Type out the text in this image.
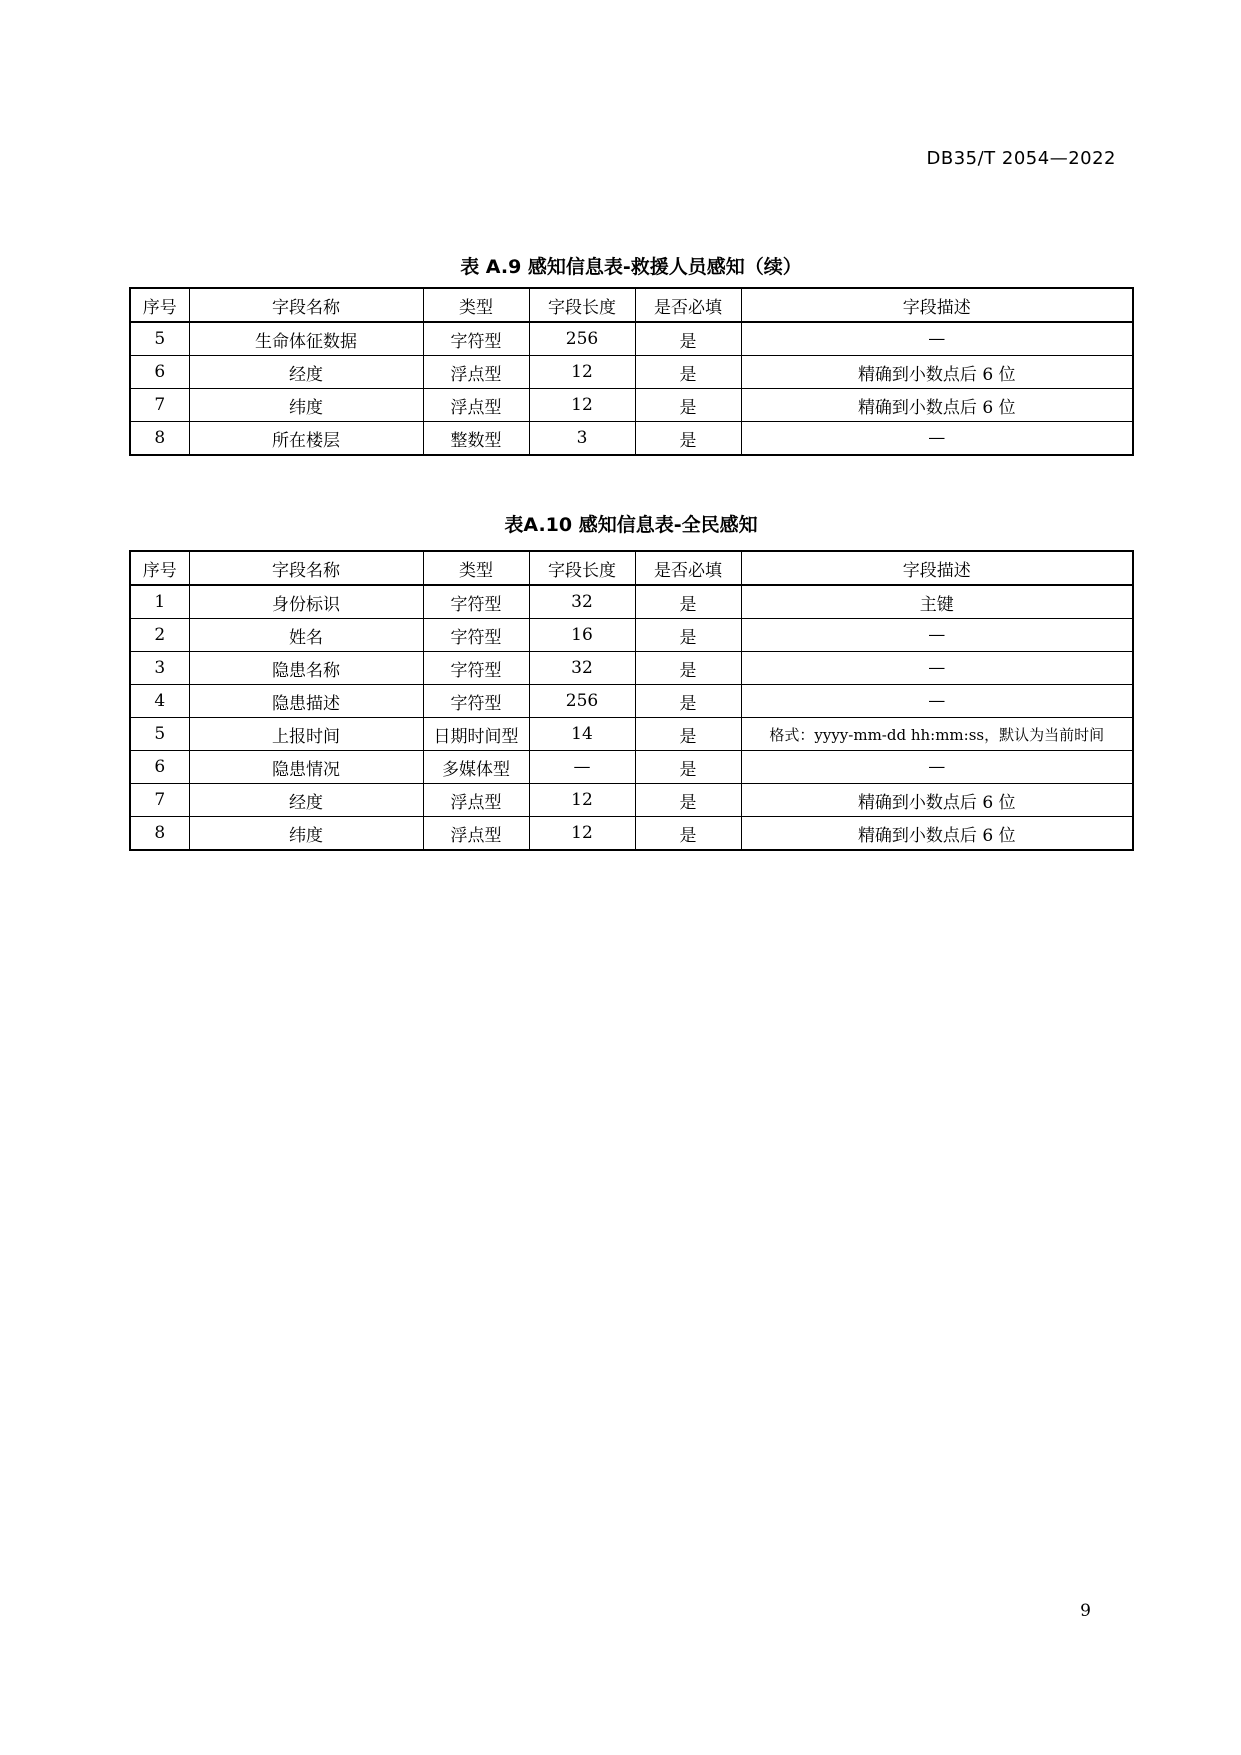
DB35/T 2054—2022
表 A.9 感知信息表-救援人员感知（续）
序号	字段名称	类型	字段长度	是否必填	字段描述
5	生命体征数据	字符型	256	是	—
6	经度	浮点型	12	是	精确到小数点后 6 位
7	纬度	浮点型	12	是	精确到小数点后 6 位
8	所在楼层	整数型	3	是	—
表A.10 感知信息表-全民感知
序号	字段名称	类型	字段长度	是否必填	字段描述
1	身份标识	字符型	32	是	主键
2	姓名	字符型	16	是	—
3	隐患名称	字符型	32	是	—
4	隐患描述	字符型	256	是	—
5	上报时间	日期时间型	14	是	格式：yyyy-mm-dd hh:mm:ss，默认为当前时间
6	隐患情况	多媒体型	—	是	—
7	经度	浮点型	12	是	精确到小数点后 6 位
8	纬度	浮点型	12	是	精确到小数点后 6 位
9
